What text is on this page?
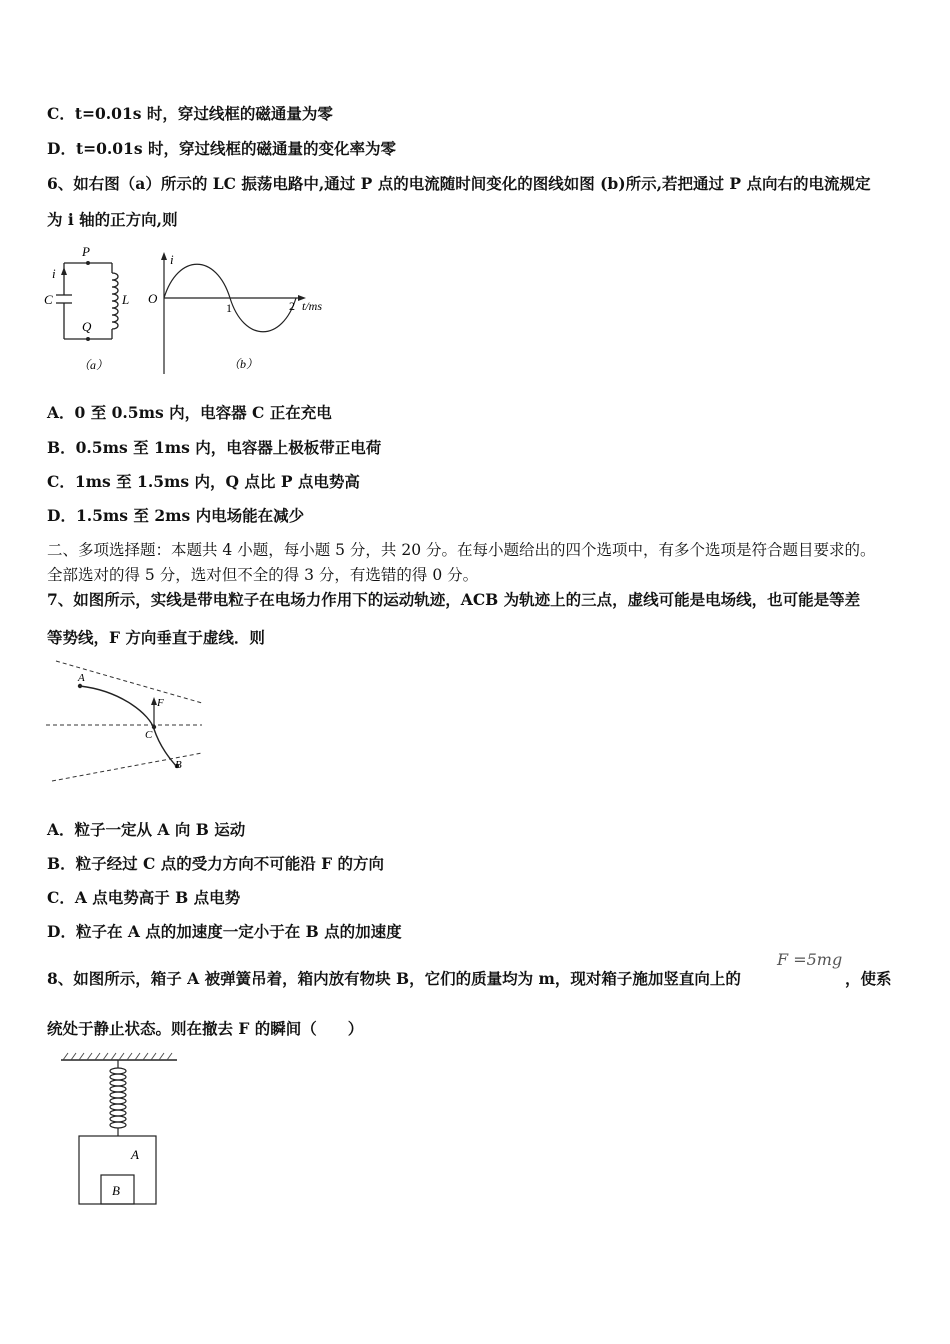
C．t=0.01s 时，穿过线框的磁通量为零
D．t=0.01s 时，穿过线框的磁通量的变化率为零
6、如右图（a）所示的 LC 振荡电路中,通过 P 点的电流随时间变化的图线如图 (b)所示,若把通过 P 点向右的电流规定
为 i 轴的正方向,则
P
Q
i
C	L
（a）
i
O
1	2 t/ms
（b）
A．0 至 0.5ms 内，电容器 C 正在充电
B．0.5ms 至 1ms 内，电容器上极板带正电荷
C．1ms 至 1.5ms 内，Q 点比 P 点电势高
D．1.5ms 至 2ms 内电场能在减少
二、多项选择题：本题共 4 小题，每小题 5 分，共 20 分。在每小题给出的四个选项中，有多个选项是符合题目要求的。
全部选对的得 5 分，选对但不全的得 3 分，有选错的得 0 分。
7、如图所示，实线是带电粒子在电场力作用下的运动轨迹，ACB 为轨迹上的三点，虚线可能是电场线，也可能是等差
等势线，F 方向垂直于虚线．则
A
F
C
B
A．粒子一定从 A 向 B 运动
B．粒子经过 C 点的受力方向不可能沿 F 的方向
C．A 点电势高于 B 点电势
D．粒子在 A 点的加速度一定小于在 B 点的加速度
8、如图所示，箱子 A 被弹簧吊着，箱内放有物块 B，它们的质量均为 m，现对箱子施加竖直向上的
F =5mg
，使系
统处于静止状态。则在撤去 F 的瞬间（　　）
A
B
